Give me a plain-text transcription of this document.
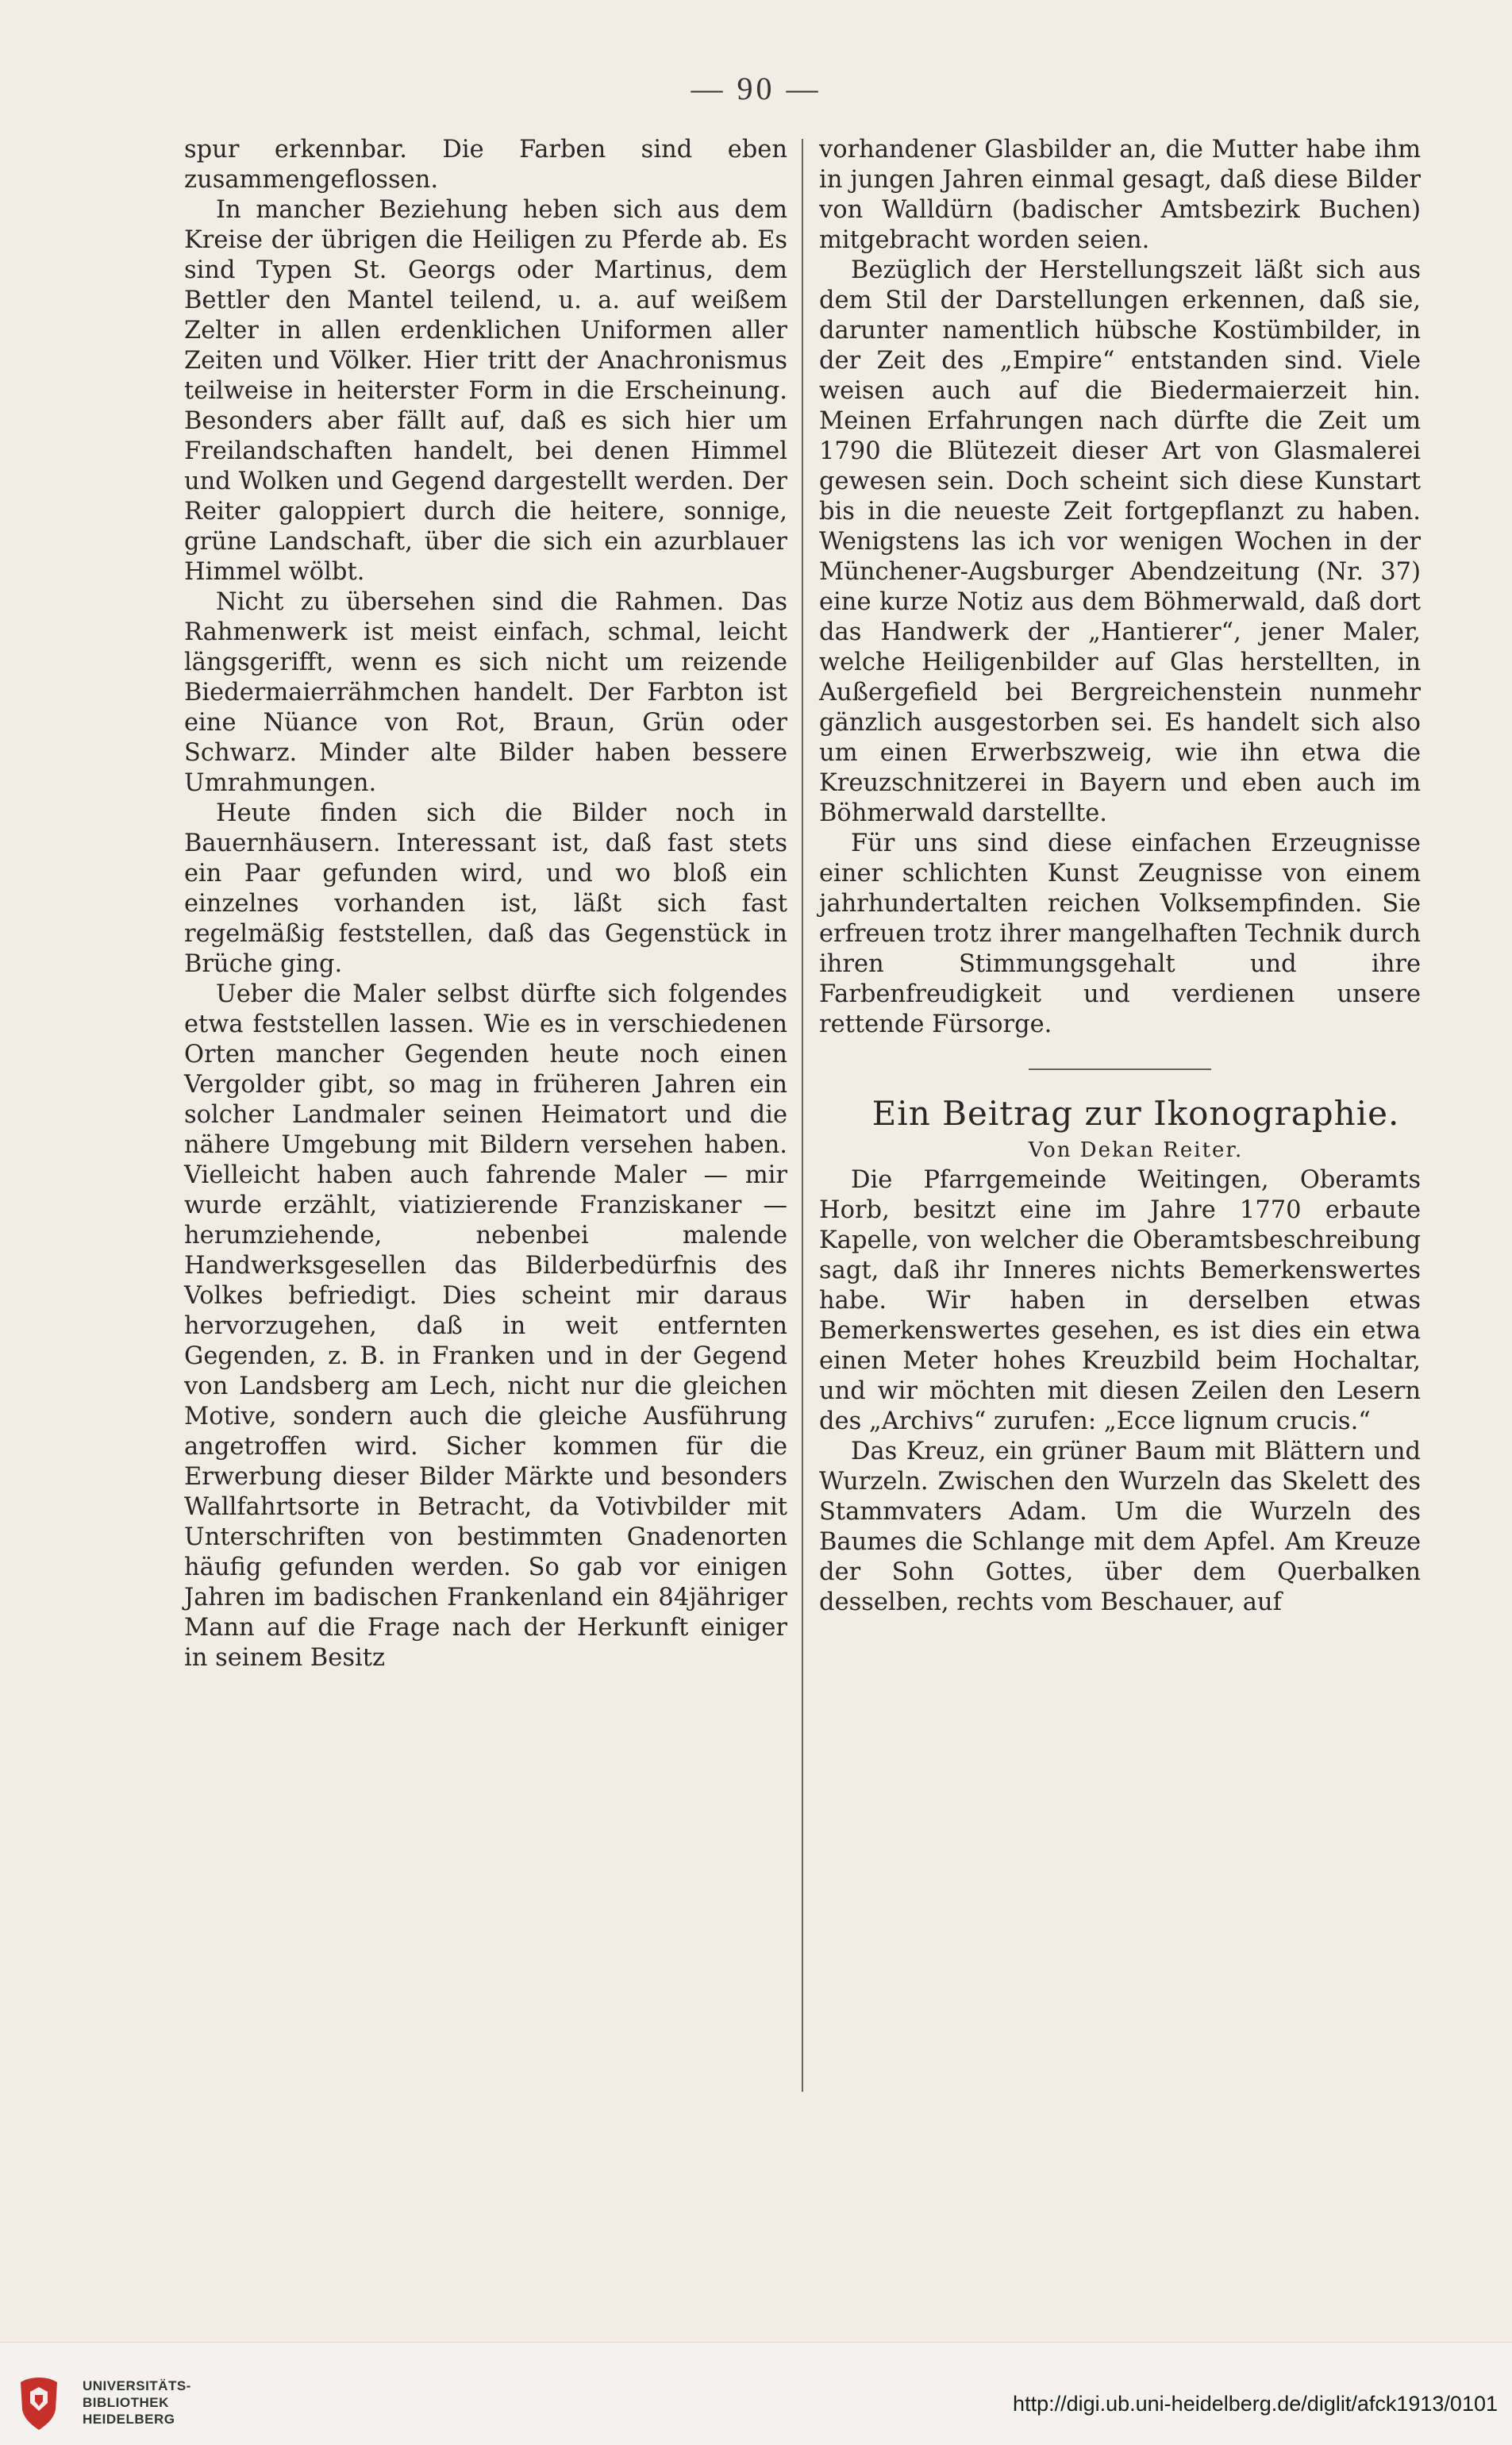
— 90 —

spur erkennbar. Die Farben sind eben zusammengeflossen.

In mancher Beziehung heben sich aus dem Kreise der übrigen die Heiligen zu Pferde ab. Es sind Typen St. Georgs oder Martinus, dem Bettler den Mantel teilend, u. a. auf weißem Zelter in allen erdenklichen Uniformen aller Zeiten und Völker. Hier tritt der Anachronismus teilweise in heiterster Form in die Erscheinung. Besonders aber fällt auf, daß es sich hier um Freilandschaften handelt, bei denen Himmel und Wolken und Gegend dargestellt werden. Der Reiter galoppiert durch die heitere, sonnige, grüne Landschaft, über die sich ein azurblauer Himmel wölbt.

Nicht zu übersehen sind die Rahmen. Das Rahmenwerk ist meist einfach, schmal, leicht längsgerifft, wenn es sich nicht um reizende Biedermaierrähmchen handelt. Der Farbton ist eine Nüance von Rot, Braun, Grün oder Schwarz. Minder alte Bilder haben bessere Umrahmungen.

Heute finden sich die Bilder noch in Bauernhäusern. Interessant ist, daß fast stets ein Paar gefunden wird, und wo bloß ein einzelnes vorhanden ist, läßt sich fast regelmäßig feststellen, daß das Gegenstück in Brüche ging.

Ueber die Maler selbst dürfte sich folgendes etwa feststellen lassen. Wie es in verschiedenen Orten mancher Gegenden heute noch einen Vergolder gibt, so mag in früheren Jahren ein solcher Landmaler seinen Heimatort und die nähere Umgebung mit Bildern versehen haben. Vielleicht haben auch fahrende Maler — mir wurde erzählt, viatizierende Franziskaner — herumziehende, nebenbei malende Handwerksgesellen das Bilderbedürfnis des Volkes befriedigt. Dies scheint mir daraus hervorzugehen, daß in weit entfernten Gegenden, z. B. in Franken und in der Gegend von Landsberg am Lech, nicht nur die gleichen Motive, sondern auch die gleiche Ausführung angetroffen wird. Sicher kommen für die Erwerbung dieser Bilder Märkte und besonders Wallfahrtsorte in Betracht, da Votivbilder mit Unterschriften von bestimmten Gnadenorten häufig gefunden werden. So gab vor einigen Jahren im badischen Frankenland ein 84jähriger Mann auf die Frage nach der Herkunft einiger in seinem Besitz

vorhandener Glasbilder an, die Mutter habe ihm in jungen Jahren einmal gesagt, daß diese Bilder von Walldürn (badischer Amtsbezirk Buchen) mitgebracht worden seien.

Bezüglich der Herstellungszeit läßt sich aus dem Stil der Darstellungen erkennen, daß sie, darunter namentlich hübsche Kostümbilder, in der Zeit des „Empire“ entstanden sind. Viele weisen auch auf die Biedermaierzeit hin. Meinen Erfahrungen nach dürfte die Zeit um 1790 die Blütezeit dieser Art von Glasmalerei gewesen sein. Doch scheint sich diese Kunstart bis in die neueste Zeit fortgepflanzt zu haben. Wenigstens las ich vor wenigen Wochen in der Münchener-Augsburger Abendzeitung (Nr. 37) eine kurze Notiz aus dem Böhmerwald, daß dort das Handwerk der „Hantierer“, jener Maler, welche Heiligenbilder auf Glas herstellten, in Außergefield bei Bergreichenstein nunmehr gänzlich ausgestorben sei. Es handelt sich also um einen Erwerbszweig, wie ihn etwa die Kreuzschnitzerei in Bayern und eben auch im Böhmerwald darstellte.

Für uns sind diese einfachen Erzeugnisse einer schlichten Kunst Zeugnisse von einem jahrhundertalten reichen Volksempfinden. Sie erfreuen trotz ihrer mangelhaften Technik durch ihren Stimmungsgehalt und ihre Farbenfreudigkeit und verdienen unsere rettende Fürsorge.

Ein Beitrag zur Ikonographie.

Von Dekan Reiter.

Die Pfarrgemeinde Weitingen, Oberamts Horb, besitzt eine im Jahre 1770 erbaute Kapelle, von welcher die Oberamtsbeschreibung sagt, daß ihr Inneres nichts Bemerkenswertes habe. Wir haben in derselben etwas Bemerkenswertes gesehen, es ist dies ein etwa einen Meter hohes Kreuzbild beim Hochaltar, und wir möchten mit diesen Zeilen den Lesern des „Archivs“ zurufen: „Ecce lignum crucis.“

Das Kreuz, ein grüner Baum mit Blättern und Wurzeln. Zwischen den Wurzeln das Skelett des Stammvaters Adam. Um die Wurzeln des Baumes die Schlange mit dem Apfel. Am Kreuze der Sohn Gottes, über dem Querbalken desselben, rechts vom Beschauer, auf

UNIVERSITÄTS-
BIBLIOTHEK
HEIDELBERG
http://digi.ub.uni-heidelberg.de/diglit/afck1913/0101
